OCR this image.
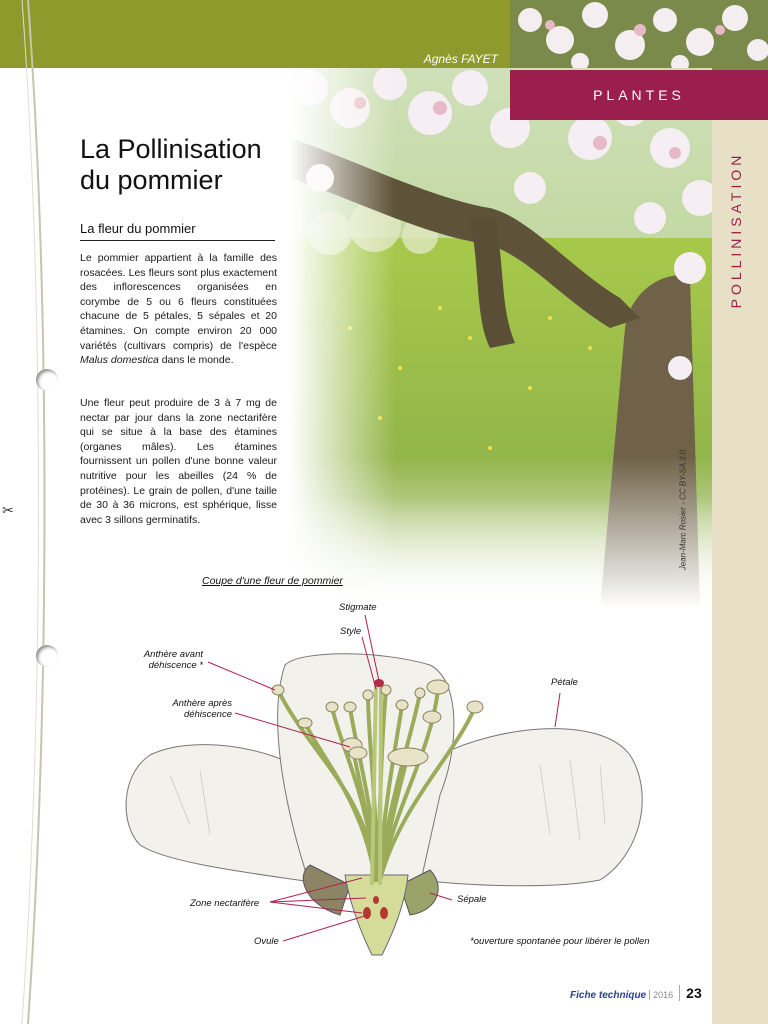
✂
Agnès FAYET
PLANTES
POLLINISATION
La Pollinisation
du pommier
La fleur du pommier

Le pommier appartient à la famille des rosacées. Les fleurs sont plus exactement des inflorescences organisées en corymbe de 5 ou 6 fleurs constituées chacune de 5 pétales, 5 sépales et 20 étamines. On compte environ 20 000 variétés (cultivars compris) de l'espèce Malus domestica dans le monde.

Une fleur peut produire de 3 à 7 mg de nectar par jour dans la zone nectarifère qui se situe à la base des étamines (organes mâles). Les étamines fournissent un pollen d'une bonne valeur nutritive pour les abeilles (24 % de protéines). Le grain de pollen, d'une taille de 30 à 36 microns, est sphérique, lisse avec 3 sillons germinatifs.	Jean-Marc Rosier - CC BY-SA 3.0
Coupe d'une fleur de pommier
Stigmate
Style
Anthère avant
déhiscence *
Anthère après
déhiscence
Pétale
Zone nectarifère	Sépale
Ovule	*ouverture spontanée pour libérer le pollen
Fiche technique 2016 23
